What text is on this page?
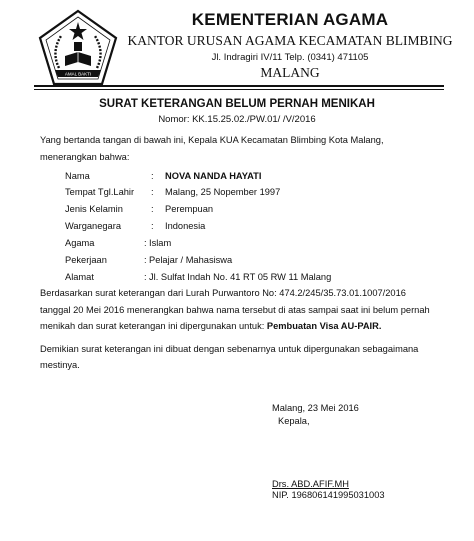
AMAL BAKTI
KEMENTERIAN AGAMA
KANTOR URUSAN AGAMA KECAMATAN BLIMBING
Jl. Indragiri IV/11 Telp. (0341) 471105
MALANG
SURAT KETERANGAN BELUM PERNAH MENIKAH
Nomor: KK.15.25.02./PW.01/ /V/2016
Yang bertanda tangan di bawah ini, Kepala KUA Kecamatan Blimbing Kota Malang,
menerangkan bahwa:
Nama	: NOVA NANDA HAYATI
Tempat Tgl.Lahir : Malang, 25 Nopember 1997
Jenis Kelamin	: Perempuan
Warganegara	: Indonesia
Agama	: Islam
Pekerjaan	: Pelajar / Mahasiswa
Alamat	: Jl. Sulfat Indah No. 41 RT 05 RW 11 Malang
Berdasarkan surat keterangan dari Lurah Purwantoro No: 474.2/245/35.73.01.1007/2016
tanggal 20 Mei 2016 menerangkan bahwa nama tersebut di atas sampai saat ini belum pernah
menikah dan surat keterangan ini dipergunakan untuk: Pembuatan Visa AU-PAIR.
Demikian surat keterangan ini dibuat dengan sebenarnya untuk dipergunakan sebagaimana
mestinya.
Malang, 23 Mei 2016
Kepala,
Drs. ABD.AFIF.MH
NIP. 196806141995031003
